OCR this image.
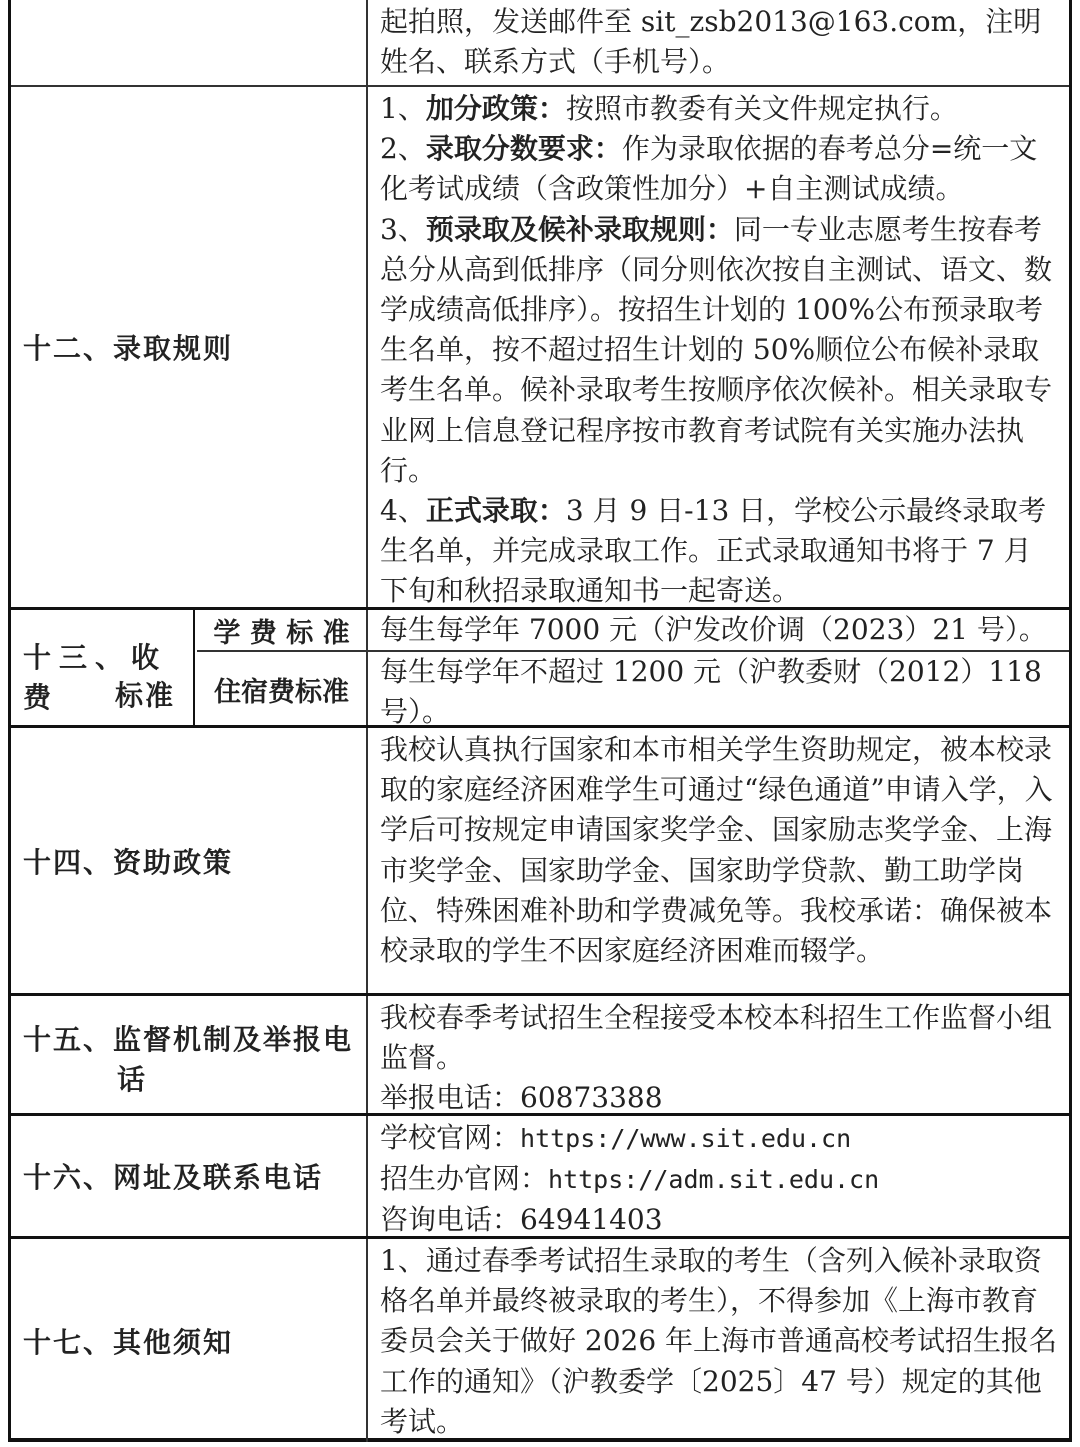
起拍照，发送邮件至 sit_zsb2013@163.com，注明

姓名、联系方式（手机号）。

十二、录取规则

1、加分政策：按照市教委有关文件规定执行。

2、录取分数要求：作为录取依据的春考总分=统一文化考试成绩（含政策性加分）+自主测试成绩。

3、预录取及候补录取规则：同一专业志愿考生按春考总分从高到低排序（同分则依次按自主测试、语文、数学成绩高低排序）。按招生计划的 100%公布预录取考生名单，按不超过招生计划的 50%顺位公布候补录取考生名单。候补录取考生按顺序依次候补。相关录取专业网上信息登记程序按市教育考试院有关实施办法执行。

4、正式录取：3 月 9 日-13 日，学校公示最终录取考生名单，并完成录取工作。正式录取通知书将于 7 月下旬和秋招录取通知书一起寄送。

十三、收费	标准
学 费 标 准	每生每学年 7000 元（沪发改价调（2023）21 号）。
住宿费标准
每生每学年不超过 1200 元（沪教委财（2012）118 号）。
十四、资助政策
我校认真执行国家和本市相关学生资助规定，被本校录取的家庭经济困难学生可通过“绿色通道”申请入学，入学后可按规定申请国家奖学金、国家励志奖学金、上海市奖学金、国家助学金、国家助学贷款、勤工助学岗位、特殊困难补助和学费减免等。我校承诺：确保被本校录取的学生不因家庭经济困难而辍学。
十五、监督机制及举报电
话

我校春季考试招生全程接受本校本科招生工作监督小组监督。

举报电话：60873388

十六、网址及联系电话

学校官网：https://www.sit.edu.cn

招生办官网：https://adm.sit.edu.cn

咨询电话：64941403

十七、其他须知
1、通过春季考试招生录取的考生（含列入候补录取资格名单并最终被录取的考生），不得参加《上海市教育委员会关于做好 2026 年上海市普通高校考试招生报名工作的通知》（沪教委学〔2025〕47 号）规定的其他考试。
